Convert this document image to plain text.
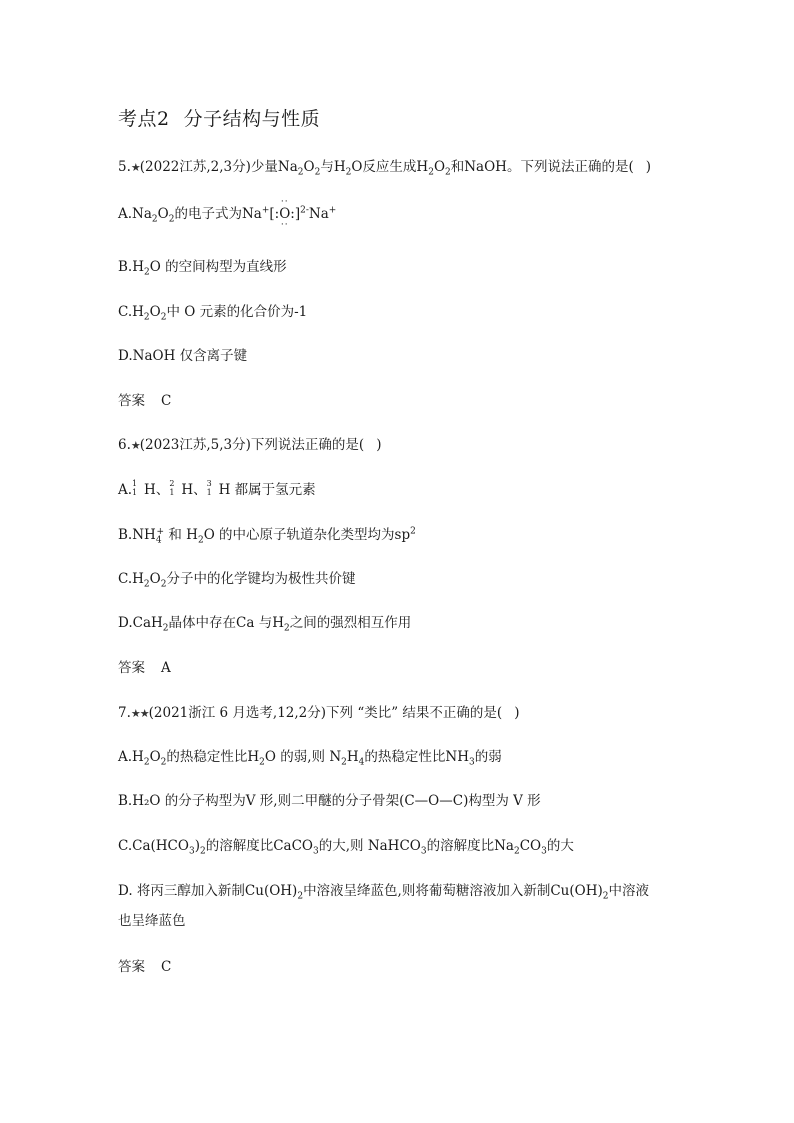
考点2 分子结构与性质
5.★(2022江苏,2,3分)少量$Na_2O_2$与$H_2O$反应生成$H_2O_2$和NaOH。下列说法正确的是( )
$A.Na_2O_2$的电子式为Na+[:
··
O
··
:]$^{2-}$Na+
$B.H_2O$ 的空间构型为直线形
$C.H_2O_2$中 O 元素的化合价为-1
D.NaOH 仅含离子键
答案 C
6.★(2023江苏,5,3分)下列说法正确的是( )
A. 1
1 H、 2
1 H、 3
1 H 都属于氢元素
$B.NH_4^+$ 和 $H_2O$ 的中心原子轨道杂化类型均为$sp^2$
$C.H_2O_2$分子中的化学键均为极性共价键
D.CaH$_2$晶体中存在Ca 与$H_2$之间的强烈相互作用
答案 A
7.★★(2021浙江 6 月选考,12,2分)下列 “类比” 结果不正确的是( )
$A.H_2O_2$的热稳定性比$H_2O$ 的弱,则 $N_2H_4$的热稳定性比$NH_3$的弱
B.H₂O 的分子构型为V 形,则二甲醚的分子骨架(C—O—C)构型为 V 形
$C.Ca(HCO_3)_2$的溶解度比CaCO$_3$的大,则 NaHCO$_3$的溶解度比$Na_2CO_3$的大
D. 将丙三醇加入新制$Cu(OH)_2$中溶液呈绛蓝色,则将葡萄糖溶液加入新制$Cu(OH)_2$中溶液
也呈绛蓝色
答案 C
